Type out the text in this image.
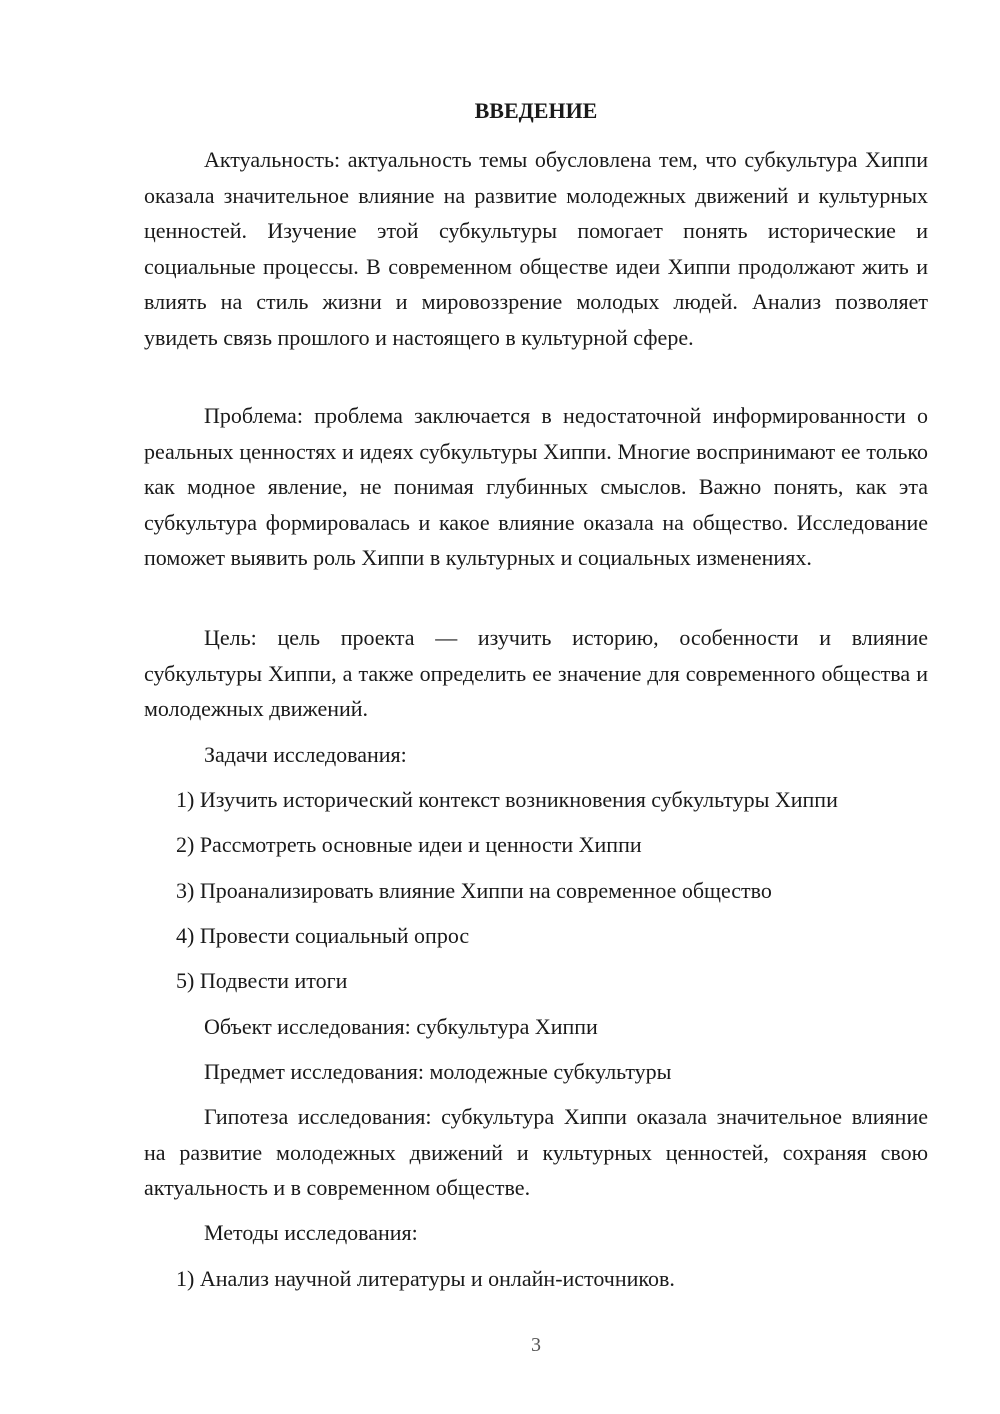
ВВЕДЕНИЕ

Актуальность: актуальность темы обусловлена тем, что субкультура Хиппи оказала значительное влияние на развитие молодежных движений и культурных ценностей. Изучение этой субкультуры помогает понять исторические и социальные процессы. В современном обществе идеи Хиппи продолжают жить и влиять на стиль жизни и мировоззрение молодых людей. Анализ позволяет увидеть связь прошлого и настоящего в культурной сфере.

Проблема: проблема заключается в недостаточной информированности о реальных ценностях и идеях субкультуры Хиппи. Многие воспринимают ее только как модное явление, не понимая глубинных смыслов. Важно понять, как эта субкультура формировалась и какое влияние оказала на общество. Исследование поможет выявить роль Хиппи в культурных и социальных изменениях.

Цель: цель проекта — изучить историю, особенности и влияние субкультуры Хиппи, а также определить ее значение для современного общества и молодежных движений.

Задачи исследования:
1) Изучить исторический контекст возникновения субкультуры Хиппи
2) Рассмотреть основные идеи и ценности Хиппи
3) Проанализировать влияние Хиппи на современное общество
4) Провести социальный опрос
5) Подвести итоги
Объект исследования: субкультура Хиппи
Предмет исследования: молодежные субкультуры

Гипотеза исследования: субкультура Хиппи оказала значительное влияние на развитие молодежных движений и культурных ценностей, сохраняя свою актуальность и в современном обществе.

Методы исследования:
1) Анализ научной литературы и онлайн-источников.
3
